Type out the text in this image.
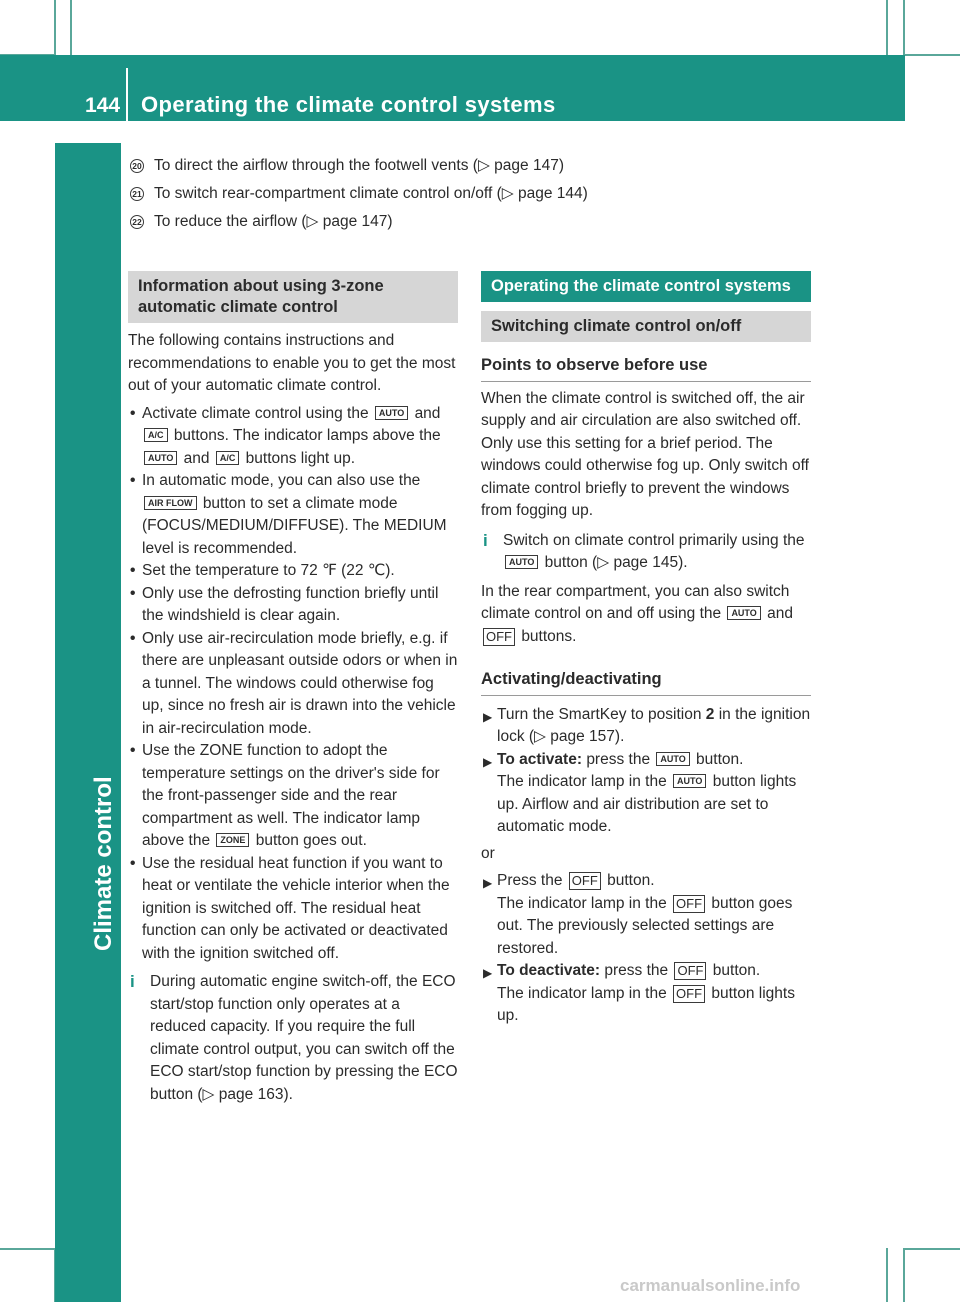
144 Operating the climate control systems
Climate control
20 To direct the airflow through the footwell vents (▷ page 147)
21 To switch rear-compartment climate control on/off (▷ page 144)
22 To reduce the airflow (▷ page 147)
Information about using 3-zone automatic climate control

The following contains instructions and recommendations to enable you to get the most out of your automatic climate control.

• Activate climate control using the AUTO and A/C buttons. The indicator lamps above the AUTO and A/C buttons light up.
• In automatic mode, you can also use the AIR FLOW button to set a climate mode (FOCUS/MEDIUM/DIFFUSE). The MEDIUM level is recommended.
• Set the temperature to 72 ℉ (22 ℃).
• Only use the defrosting function briefly until the windshield is clear again.
• Only use air-recirculation mode briefly, e.g. if there are unpleasant outside odors or when in a tunnel. The windows could otherwise fog up, since no fresh air is drawn into the vehicle in air-recirculation mode.
• Use the ZONE function to adopt the temperature settings on the driver's side for the front-passenger side and the rear compartment as well. The indicator lamp above the ZONE button goes out.
• Use the residual heat function if you want to heat or ventilate the vehicle interior when the ignition is switched off. The residual heat function can only be activated or deactivated with the ignition switched off.
i During automatic engine switch-off, the ECO start/stop function only operates at a reduced capacity. If you require the full climate control output, you can switch off the ECO start/stop function by pressing the ECO button (▷ page 163).
Operating the climate control systems
Switching climate control on/off
Points to observe before use

When the climate control is switched off, the air supply and air circulation are also switched off. Only use this setting for a brief period. The windows could otherwise fog up. Only switch off climate control briefly to prevent the windows from fogging up.

i Switch on climate control primarily using the AUTO button (▷ page 145).

In the rear compartment, you can also switch climate control on and off using the AUTO and OFF buttons.

Activating/deactivating
▶ Turn the SmartKey to position 2 in the ignition lock (▷ page 157).
▶ To activate: press the AUTO button.
The indicator lamp in the AUTO button lights up. Airflow and air distribution are set to automatic mode.

or

▶ Press the OFF button.
The indicator lamp in the OFF button goes out. The previously selected settings are restored.
▶ To deactivate: press the OFF button.
The indicator lamp in the OFF button lights up.
carmanualsonline.info
